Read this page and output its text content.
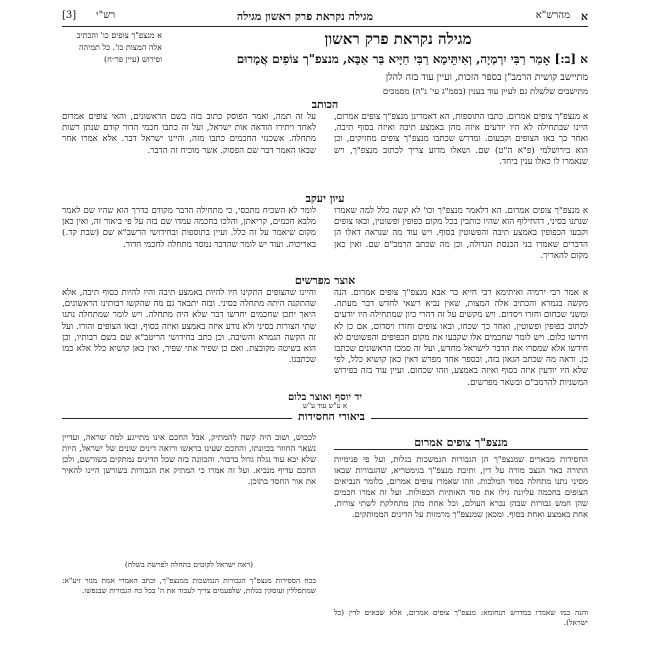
א
מהרש"א
מגילה נקראת פרק ראשון מגילה
רש"י
[3]
מגילה נקראת פרק ראשון
א מנצפ"ך צופים כו' והכתיב אלה המצות כו'. כל תמיהה ופירוש (עיין פר״ח)	א [ב:] אָמַר רַבִּי יִרְמְיָה, וְאִיתֵּימָא רַבִּי חִיָּיא בַּר אַבָּא, מנצפ"ך צוֹפִים אֲמָרוּם
מתיישב קושית הרמב"ן בספר הזכות, ועיין עוד בזה להלן
מתישבים שלשלת גם לעיין עוד בענין (בסמ"ג עי' נ"ה) מסמכים
הכותב
א מנצפ"ך צופים אמרום. כתבו התוספות, הא דאמרינן מנצפ"ך צופים אמרום, היינו שבתחילה לא היו יודעים איזה מהן באמצע תיבה ואיזה בסוף תיבה, ואחר כך באו הצופים וקבעום. ומדרש שכתבו מנצפ"ך צופים מחזיקים, וכן הוא בירושלמי (פ"א ה"ט) שם. ושאלו מדוע צריך לכתוב מנצפ"ך, ויש שנאמרו לו כאלו ענין ביחד.
על זה תמה, ואמר הפוסק כתוב בזה בשם הראשונים, והאי צופים אמרום לאחד ויתירו הודאה אות ישראל, ועל זה כתבו חכמי הדור קודם שנתן רשות מתחלה. אשכנזי החכמים כתבו מזה, והיינו ישראל דבר. אלא אמרו אחר שבאו האמר דבר שם הפסוק. אשר מוכיח זה הדבר.
עיון יעקב
א מנצפ"ך צופים אמרום. הא דלאמר מנצפ"ך וכו' לא קשה כלל למה שאמרו שנתנו בסיני, דהחילוף הוא שהיו כותבין בכל מקום כפופין ופשוטין, ובאו צופים וקבעו הכפופין באמצע תיבה והפשוטין בסוף. ויש עוד מה שנראה דאלו הן הדברים שאמרו בני הכנסת הגדולה, וכן מה שכתב הרמב"ם שם. ואין כאן מקום להאריך.
לומר לא השכיח מתכסי, כי מתחילה הדבר מקודם כדרך הוא שהיו שם לאמר מלבא חכמים, קריאתן, והלכו בחכמה עמדו שם בזה על פי ביאור זה, ואין כאן מקום שיאמר על זה כלל. ועיין בתוספות ובחידושי הרשב"א שם (שבת קד.) באריכות. ועוד יש לומר שהדבר נמסר מתחלה לחכמי הדור.
אוצר מפרשים
א אמר רבי ירמיה ואיתימא רבי חייא בר אבא מנצפ"ך צופים אמרום. הנה מקשה בגמרא והכתיב אלה המצות, שאין נביא רשאי לחדש דבר מעתה. ומשני שכחום וחזרו ויסדום. ויש מקשים על זה דהרי כיון שמתחילה היו יודעים לכתוב כפופין ופשוטין, ואחר כך שכחו, ובאו צופים וחזרו ויסדום, אם כן לא חידשו כלום. ויש לומר שחכמים אלו שקבעו את מקום הכפופים והפשוטים לא חידשו אלא שמסרו את הדבר לישראל מחדש, ועל זה סמכו הראשונים שכתבו כן. וראה מה שכתב הגאון בזה, ובספר אחד מפרש דאין כאן קושיא כלל, לפי שלא היו יודעין איזה בסוף ואיזה באמצע, וזהו שכחום. ועיין עוד בזה בפירוש המשניות להרמב"ם ובשאר מפרשים.
והיינו שהצופים התקינו היו להיות באמצע תיבה והיו להיות בסוף תיבה, אלא שהתקנה היתה מתחלה בסיני. ובזה יתבאר גם מה שהקשו רבותינו הראשונים, היאך יתכן שחכמים יחדשו דבר שלא היה מתחלה. ויש לומר שמתחלה נתנו שתי הצורות בסיני ולא נודע איזה באמצע ואיזה בסוף, ובאו הצופים והורו. ועל זה הקשה הגמרא והשיבה. וכן כתב בחידושי הריטב"א שם בשם רבותיו, וכן הוא בשיטה מקובצת. ואם כן שפיר אתי שפיר, ואין כאן קושיא כלל אלא כמו שכתבנו.
יד יוסף ואוצר בלום
א ע"ש עוד ע"ש
ביאורי החסידות
מנצפ"ך צופים אמרום
החסידות מבארים שמנצפ"ך הן הגבורות הנמשכות בגלות, ועל פי פנימיות התורה באר הנצב מורה על דין, ותיבת מנצפ"ך בגימטריא, שהגבורות שבאו מסיני נתנו מתחלה בסוד המלכות. וזהו שאמרו צופים אמרום, כלומר הנביאים הצופים בחכמה עליונה גילו את סוד האותיות הכפולות. ועל זה אמרו חכמים שהן חמש גבורות שבהן נברא העולם, וכל אחת מהן מתחלקת לשתי צורות, אחת באמצע ואחת בסוף. ומכאן שמנצפ"ך מרמזות על הדינים הממותקים.
לכבוש, ושוב היה קשה להמתיק, אבל החכם אינו מתייגע למה שראה, ועדיין נשאר החוזר בכוונתו, והחכם שעינו בראשו ורואה דינים שונים של ישראל, היות שלא יבא עוד נגלה גדול בדבור. והכוונה בזה שכל הדינים נמתקים בשורשם, ולכן החכם עדיף מנביא. ועל זה אמרו כי המתיק את הגבורות בשורשן היינו להאיר את אור החסד בתוכן.
(ראה ישראל לקוטים בתחלה לפרשת בשלח)
בכח הספירות מנצפ"ך הגבורות הנמשכות ממנצפ"ך, וכתב האמרי אמת מגור זיע"א: שמתפללין ועוסקין בגלות, שלפעמים צריך לעבוד את ה' בכל כח הגבורות שבנפשו.
והנה כמו שאמרו במדרש תנחומא: מנצפ"ך צופים אמרום, אלא שבאים לדין (כל ישראל).
